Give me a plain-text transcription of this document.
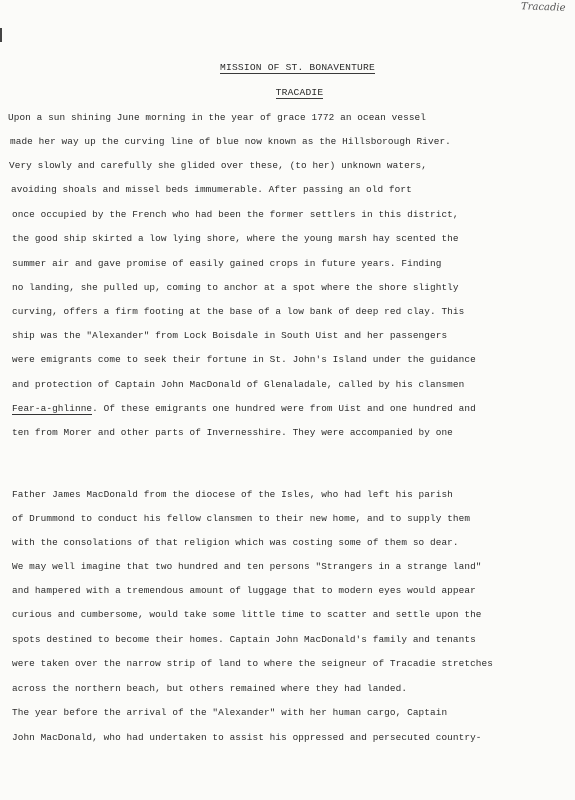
Tracadie
MISSION OF ST. BONAVENTURE
TRACADIE
Upon a sun shining June morning in the year of grace 1772 an ocean vessel
made her way up the curving line of blue now known as the Hillsborough River.
Very slowly and carefully she glided over these, (to her) unknown waters,
avoiding shoals and missel beds immumerable. After passing an old fort
once occupied by the French who had been the former settlers in this district,
the good ship skirted a low lying shore, where the young marsh hay scented the
summer air and gave promise of easily gained crops in future years. Finding
no landing, she pulled up, coming to anchor at a spot where the shore slightly
curving, offers a firm footing at the base of a low bank of deep red clay. This
ship was the "Alexander" from Lock Boisdale in South Uist and her passengers
were emigrants come to seek their fortune in St. John's Island under the guidance
and protection of Captain John MacDonald of Glenaladale, called by his clansmen
Fear-a-ghlinne. Of these emigrants one hundred were from Uist and one hundred and
ten from Morer and other parts of Invernesshire. They were accompanied by one
Father James MacDonald from the diocese of the Isles, who had left his parish
of Drummond to conduct his fellow clansmen to their new home, and to supply them
with the consolations of that religion which was costing some of them so dear.
We may well imagine that two hundred and ten persons "Strangers in a strange land"
and hampered with a tremendous amount of luggage that to modern eyes would appear
curious and cumbersome, would take some little time to scatter and settle upon the
spots destined to become their homes. Captain John MacDonald's family and tenants
were taken over the narrow strip of land to where the seigneur of Tracadie stretches
across the northern beach, but others remained where they had landed.
The year before the arrival of the "Alexander" with her human cargo, Captain
John MacDonald, who had undertaken to assist his oppressed and persecuted country-
